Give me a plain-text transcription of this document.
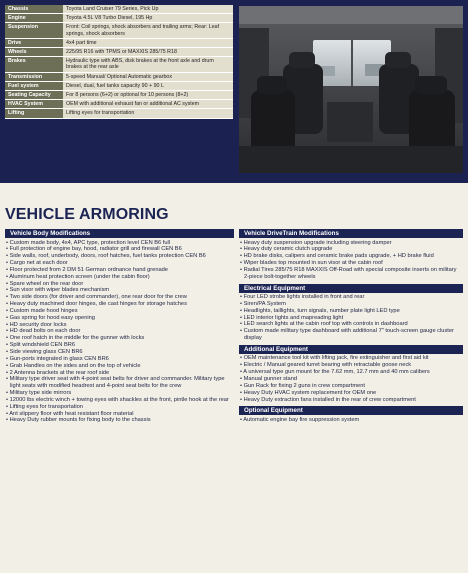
Chassis	Toyota Land Cruiser 79 Series, Pick Up
Engine	Toyota 4.5L V8 Turbo Diesel, 195 Hp
Suspension	Front: Coil springs, shock absorbers and trailing arms; Rear: Leaf springs, shock absorbers
Drive	4x4 part time
Wheels	225/95 R16 with TPMS or MAXXIS 285/75 R18
Brakes	Hydraulic type with ABS, disk brakes at the front axle and drum brakes at the rear axle
Transmission	5-speed Manual/ Optional Automatic gearbox
Fuel system	Diesel, dual, fuel tanks capacity 90 + 90 L
Seating Capacity	For 8 persons (6+2) or optional for 10 persons (8+2)
HVAC System	OEM with additional exhaust fan or additional AC system
Lifting	Lifting eyes for transportation
VEHICLE ARMORING
Vehicle Body Modifications
• Custom made body, 4x4, APC type, protection level CEN B6 full
• Full protection of engine bay, hood, radiator grill and firewall CEN B6
• Side walls, roof, underbody, doors, roof hatches, fuel tanks protection CEN B6
• Cargo net at each door
• Floor protected from 2 DM 51 German ordnance hand grenade
• Aluminum heat protection screen (under the cabin floor)
• Spare wheel on the rear door
• Sun visor with wiper blades mechanism
• Two side doors (for driver and commander), one rear door for the crew
• Heavy duty machined door hinges, die cast hinges for storage hatches
• Custom made hood hinges
• Gas spring for hood easy opening
• HD security door locks
• HD dead bolts on each door
• One roof hatch in the middle for the gunner with locks
• Split windshield CEN BR6
• Side viewing glass CEN BR6
• Gun-ports integrated in glass CEN BR6
• Grab Handles on the sides and on the top of vehicle
• 2 Antenna brackets at the rear roof side
• Military type driver seat with 4-point seat belts for driver and commander. Military type light seats with modified headrest and 4-point seat belts for the crew
• Military type side mirrors
• 12000 lbs electric winch + towing eyes with shackles at the front, pintle hook at the rear
• Lifting eyes for transportation
• Ant slippery floor with heat resistant floor material
• Heavy Duty rubber mounts for fixing body to the chassis
Vehicle DriveTrain Modifications
• Heavy duty suspension upgrade including steering damper
• Heavy duty ceramic clutch upgrade
• HD brake disks, calipers and ceramic brake pads upgrade, + HD brake fluid
• Wiper blades top mounted in sun visor at the cabin roof
• Radial Tires 285/75 R18 MAXXIS Off-Road with special composite inserts on military 2-piece bolt-together wheels
Electrical Equipment
• Four LED strobe lights installed in front and rear
• Siren/PA System
• Headlights, taillights, turn signals, number plate light LED type
• LED interior lights and mapreading light
• LED search lights at the cabin roof top with controls in dashboard
• Custom made military type dashboard with additional 7" touch-screen gauge cluster display
Additional Equipment
• OEM maintenance tool kit with lifting jack, fire extinguisher and first aid kit
• Electric / Manual geared turret bearing with retractable goose neck
• A universal type gun mount for the 7.62 mm, 12.7 mm and 40 mm calibers
• Manual gunner stand
• Gun Rack for fixing 2 guns in crew compartment
• Heavy Duty HVAC system replacement for OEM one
• Heavy Duty extraction fans installed in the rear of crew compartment
Optional Equipment
• Automatic engine bay fire suppression system
